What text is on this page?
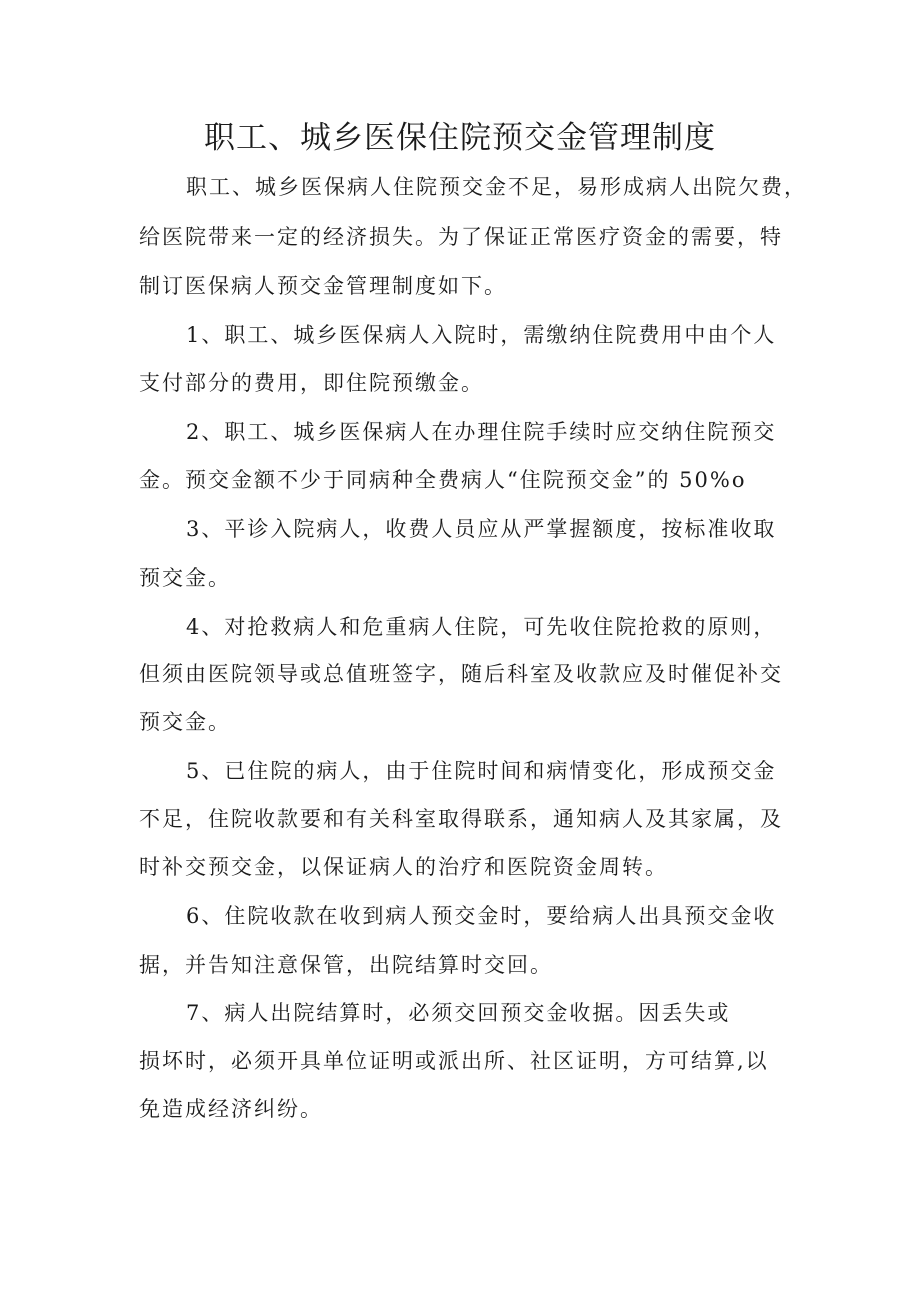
职工、城乡医保住院预交金管理制度
职工、城乡医保病人住院预交金不足，易形成病人出院欠费，
给医院带来一定的经济损失。为了保证正常医疗资金的需要，特
制订医保病人预交金管理制度如下。
1、职工、城乡医保病人入院时，需缴纳住院费用中由个人
支付部分的费用，即住院预缴金。
2、职工、城乡医保病人在办理住院手续时应交纳住院预交
金。预交金额不少于同病种全费病人“住院预交金”的 50%o
3、平诊入院病人，收费人员应从严掌握额度，按标准收取
预交金。
4、对抢救病人和危重病人住院，可先收住院抢救的原则，
但须由医院领导或总值班签字，随后科室及收款应及时催促补交
预交金。
5、已住院的病人，由于住院时间和病情变化，形成预交金
不足，住院收款要和有关科室取得联系，通知病人及其家属，及
时补交预交金，以保证病人的治疗和医院资金周转。
6、住院收款在收到病人预交金时，要给病人出具预交金收
据，并告知注意保管，出院结算时交回。
7、病人出院结算时，必须交回预交金收据。因丢失或
损坏时，必须开具单位证明或派出所、社区证明，方可结算,以
免造成经济纠纷。
